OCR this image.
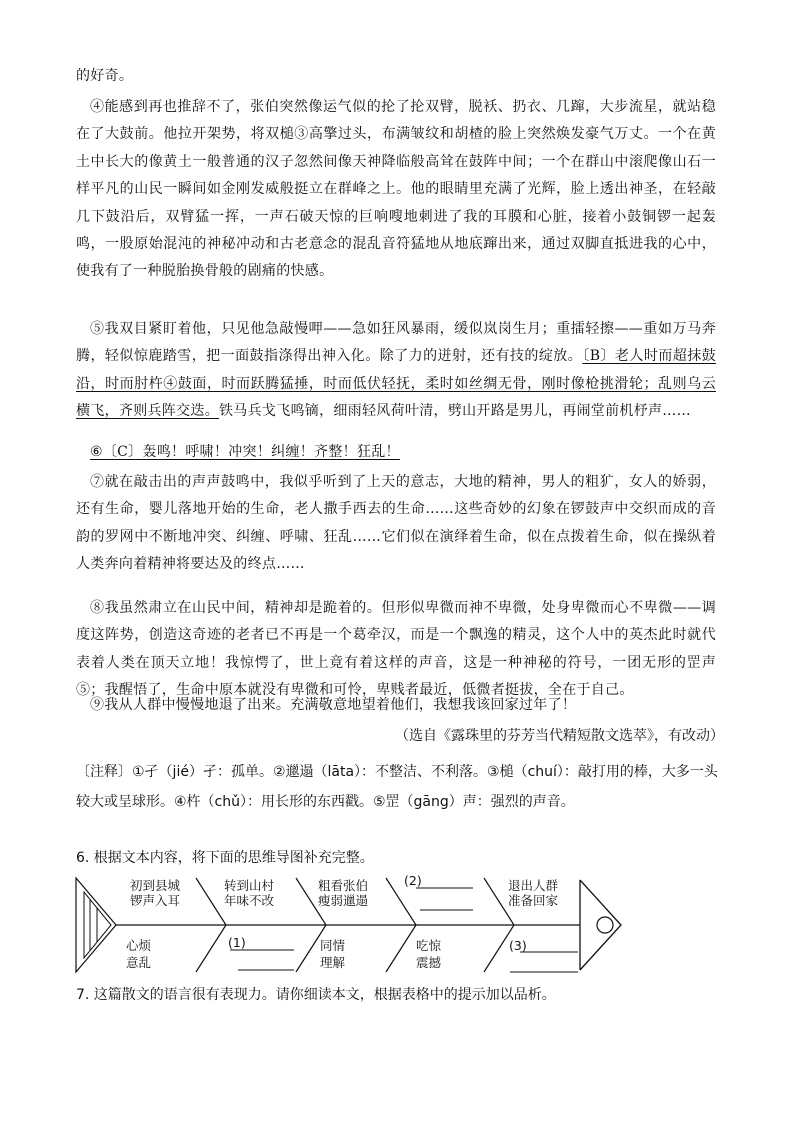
的好奇。

④能感到再也推辞不了，张伯突然像运气似的抡了抡双臂，脱袄、扔衣、几蹿，大步流星，就站稳在了大鼓前。他拉开架势，将双槌③高擎过头，布满皱纹和胡楂的脸上突然焕发豪气万丈。一个在黄土中长大的像黄土一般普通的汉子忽然间像天神降临般高耸在鼓阵中间；一个在群山中滚爬像山石一样平凡的山民一瞬间如金刚发威般挺立在群峰之上。他的眼睛里充满了光辉，脸上透出神圣，在轻敲几下鼓沿后，双臂猛一挥，一声石破天惊的巨响嗖地刺进了我的耳膜和心脏，接着小鼓铜锣一起轰鸣，一股原始混沌的神秘冲动和古老意念的混乱音符猛地从地底蹿出来，通过双脚直抵进我的心中，使我有了一种脱胎换骨般的剧痛的快感。

⑤我双目紧盯着他，只见他急敲慢呷——急如狂风暴雨，缓似岚岗生月；重擂轻擦——重如万马奔腾，轻似惊鹿踏雪，把一面鼓指涤得出神入化。除了力的迸射，还有技的绽放。〔B〕老人时而超抹鼓沿，时而肘杵④鼓面，时而跃腾猛捶，时而低伏轻抚，柔时如丝绸无骨，刚时像枪挑滑轮；乱则乌云横飞，齐则兵阵交迭。铁马兵戈飞鸣镝，细雨轻风荷叶清，劈山开路是男儿，再闹堂前机杼声……

⑥〔C〕轰鸣！呼啸！冲突！纠缠！齐整！狂乱！

⑦就在敲击出的声声鼓鸣中，我似乎听到了上天的意志，大地的精神，男人的粗犷，女人的娇弱，还有生命，婴儿落地开始的生命，老人撒手西去的生命……这些奇妙的幻象在锣鼓声中交织而成的音韵的罗网中不断地冲突、纠缠、呼啸、狂乱……它们似在演绎着生命，似在点拨着生命，似在操纵着人类奔向着精神将要达及的终点……

⑧我虽然肃立在山民中间，精神却是跪着的。但形似卑微而神不卑微，处身卑微而心不卑微——调度这阵势，创造这奇迹的老者已不再是一个葛牵汉，而是一个飘逸的精灵，这个人中的英杰此时就代表着人类在顶天立地！我惊愕了，世上竟有着这样的声音，这是一种神秘的符号，一团无形的罡声⑤；我醒悟了，生命中原本就没有卑微和可怜，卑贱者最近，低微者挺拔，全在于自己。

⑨我从人群中慢慢地退了出来。充满敬意地望着他们，我想我该回家过年了！

（选自《露珠里的芬芳当代精短散文选萃》，有改动）

〔注释〕①孑（jié）孑：孤单。②邋遢（lāta）：不整洁、不利落。③槌（chuí）：敲打用的棒，大多一头较大或呈球形。④杵（chǔ）：用长形的东西戳。⑤罡（gāng）声：强烈的声音。

6. 根据文本内容，将下面的思维导图补充完整。

初到县城
锣声入耳
转到山村
年味不改
粗看张伯
瘦弱邋遢
(2)	退出人群
准备回家
心烦
意乱
(1)	同情
理解
吃惊
震撼
(3)

7. 这篇散文的语言很有表现力。请你细读本文，根据表格中的提示加以品析。
